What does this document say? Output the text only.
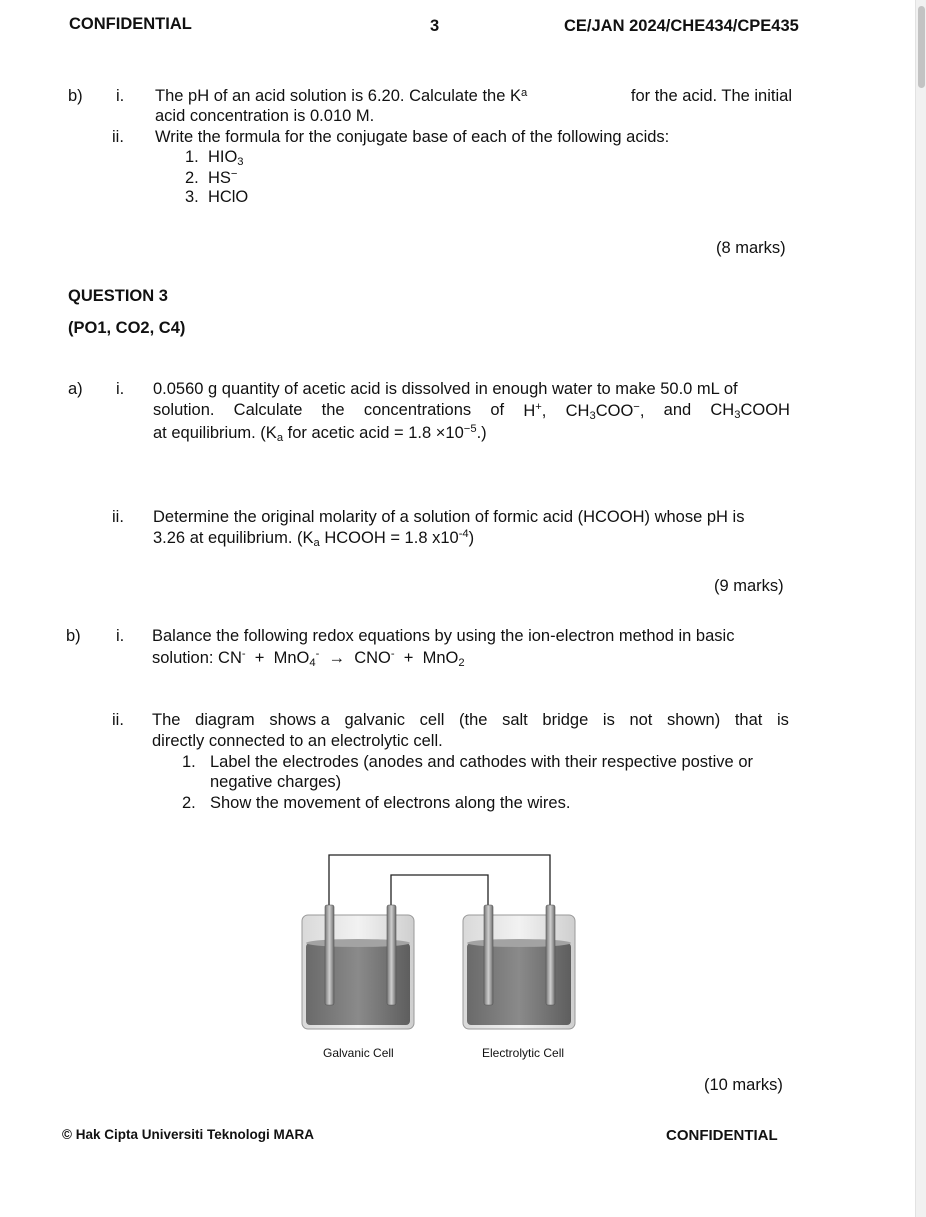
CONFIDENTIAL	3	CE/JAN 2024/CHE434/CPE435
b) i. The pH of an acid solution is 6.20. Calculate the K a	for the acid. The initial
acid concentration is 0.010 M.
ii. Write the formula for the conjugate base of each of the following acids:
1. $HIO_3$
2. HS−
3. HClO
(8 marks)
QUESTION 3
(PO1, CO2, C4)
a) i. 0.0560 g quantity of acetic acid is dissolved in enough water to make 50.0 mL of
solution. Calculate the concentrations of H+, $CH_3COO^-$, and $CH_3COOH$
at equilibrium. ($K_a$ for acetic acid = $1.8 \times 10^{-5}$.)
ii. Determine the original molarity of a solution of formic acid (HCOOH) whose pH is
3.26 at equilibrium. ($K_a$ HCOOH = 1.8 $x10^{-4}$)
(9 marks)
b) i. Balance the following redox equations by using the ion-electron method in basic
solution: CN-  +  MnO$_4$-  →  CNO-  +  MnO$_2$
ii. The diagram shows a galvanic cell (the salt bridge is not shown) that is
directly connected to an electrolytic cell.
1. Label the electrodes (anodes and cathodes with their respective postive or
negative charges)
2. Show the movement of electrons along the wires.
Galvanic Cell	Electrolytic Cell
(10 marks)
© Hak Cipta Universiti Teknologi MARA	CONFIDENTIAL
